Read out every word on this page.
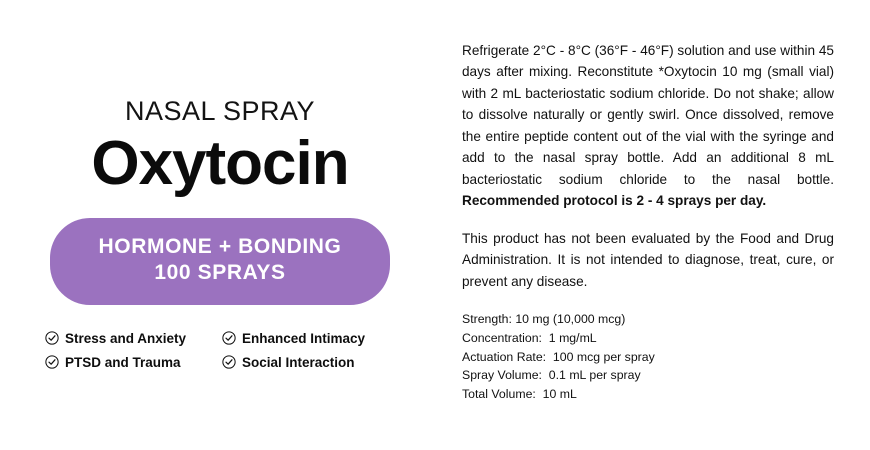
NASAL SPRAY
Oxytocin
HORMONE + BONDING
100 SPRAYS
Stress and Anxiety	Enhanced Intimacy
PTSD and Trauma	Social Interaction

Refrigerate 2°C - 8°C (36°F - 46°F) solution and use within 45 days after mixing. Reconstitute *Oxytocin 10 mg (small vial) with 2 mL bacteriostatic sodium chloride. Do not shake; allow to dissolve naturally or gently swirl. Once dissolved, remove the entire peptide content out of the vial with the syringe and add to the nasal spray bottle. Add an additional 8 mL bacteriostatic sodium chloride to the nasal bottle. Recommended protocol is 2 - 4 sprays per day.

This product has not been evaluated by the Food and Drug Administration. It is not intended to diagnose, treat, cure, or prevent any disease.

Strength: 10 mg (10,000 mcg)
Concentration:  1 mg/mL
Actuation Rate:  100 mcg per spray
Spray Volume:  0.1 mL per spray
Total Volume:  10 mL
